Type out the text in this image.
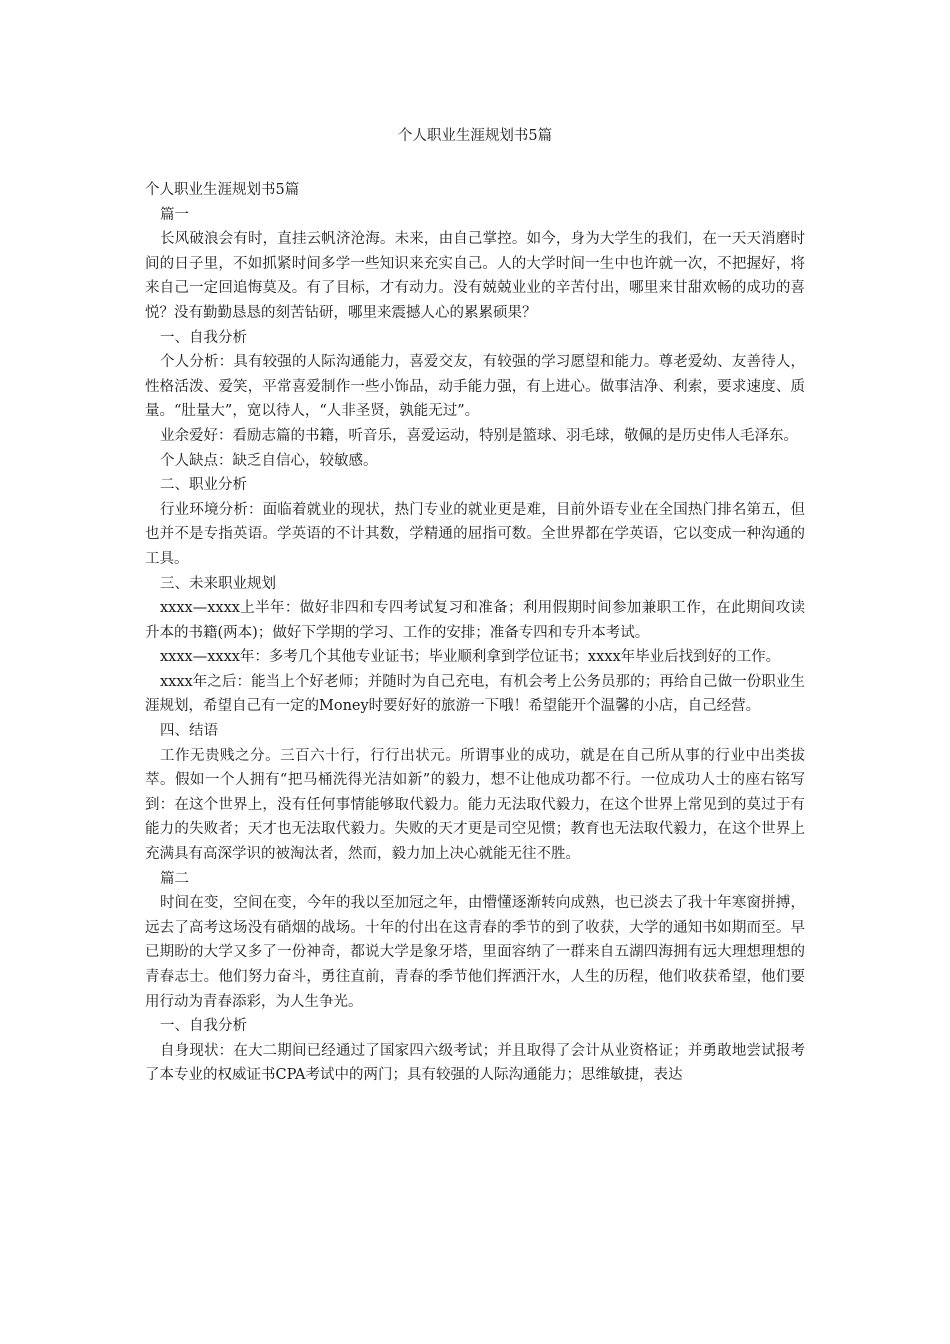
个人职业生涯规划书5篇

个人职业生涯规划书5篇

篇一

长风破浪会有时，直挂云帆济沧海。未来，由自己掌控。如今，身为大学生的我们，在一天天消磨时间的日子里，不如抓紧时间多学一些知识来充实自己。人的大学时间一生中也许就一次，不把握好，将来自己一定回追悔莫及。有了目标，才有动力。没有兢兢业业的辛苦付出，哪里来甘甜欢畅的成功的喜悦？没有勤勤恳恳的刻苦钻研，哪里来震撼人心的累累硕果？

一、自我分析

个人分析：具有较强的人际沟通能力，喜爱交友，有较强的学习愿望和能力。尊老爱幼、友善待人，性格活泼、爱笑，平常喜爱制作一些小饰品，动手能力强，有上进心。做事洁净、利索，要求速度、质量。“肚量大”，宽以待人，“人非圣贤，孰能无过”。

业余爱好：看励志篇的书籍，听音乐，喜爱运动，特别是篮球、羽毛球，敬佩的是历史伟人毛泽东。

个人缺点：缺乏自信心，较敏感。

二、职业分析

行业环境分析：面临着就业的现状，热门专业的就业更是难，目前外语专业在全国热门排名第五，但也并不是专指英语。学英语的不计其数，学精通的屈指可数。全世界都在学英语，它以变成一种沟通的工具。

三、未来职业规划

xxxx—xxxx上半年：做好非四和专四考试复习和准备；利用假期时间参加兼职工作，在此期间攻读升本的书籍(两本)；做好下学期的学习、工作的安排；准备专四和专升本考试。

xxxx—xxxx年：多考几个其他专业证书；毕业顺利拿到学位证书；xxxx年毕业后找到好的工作。

xxxx年之后：能当上个好老师；并随时为自己充电，有机会考上公务员那的；再给自己做一份职业生涯规划，希望自己有一定的Money时要好好的旅游一下哦！希望能开个温馨的小店，自己经营。

四、结语

工作无贵贱之分。三百六十行，行行出状元。所谓事业的成功，就是在自己所从事的行业中出类拔萃。假如一个人拥有“把马桶洗得光洁如新”的毅力，想不让他成功都不行。一位成功人士的座右铭写到：在这个世界上，没有任何事情能够取代毅力。能力无法取代毅力，在这个世界上常见到的莫过于有能力的失败者；天才也无法取代毅力。失败的天才更是司空见惯；教育也无法取代毅力，在这个世界上充满具有高深学识的被淘汰者，然而，毅力加上决心就能无往不胜。

篇二

时间在变，空间在变，今年的我以至加冠之年，由懵懂逐渐转向成熟，也已淡去了我十年寒窗拼搏，远去了高考这场没有硝烟的战场。十年的付出在这青春的季节的到了收获，大学的通知书如期而至。早已期盼的大学又多了一份神奇，都说大学是象牙塔，里面容纳了一群来自五湖四海拥有远大理想理想的青春志士。他们努力奋斗，勇往直前，青春的季节他们挥洒汗水，人生的历程，他们收获希望，他们要用行动为青春添彩，为人生争光。

一、自我分析

自身现状：在大二期间已经通过了国家四六级考试；并且取得了会计从业资格证；并勇敢地尝试报考了本专业的权威证书CPA考试中的两门；具有较强的人际沟通能力；思维敏捷，表达
